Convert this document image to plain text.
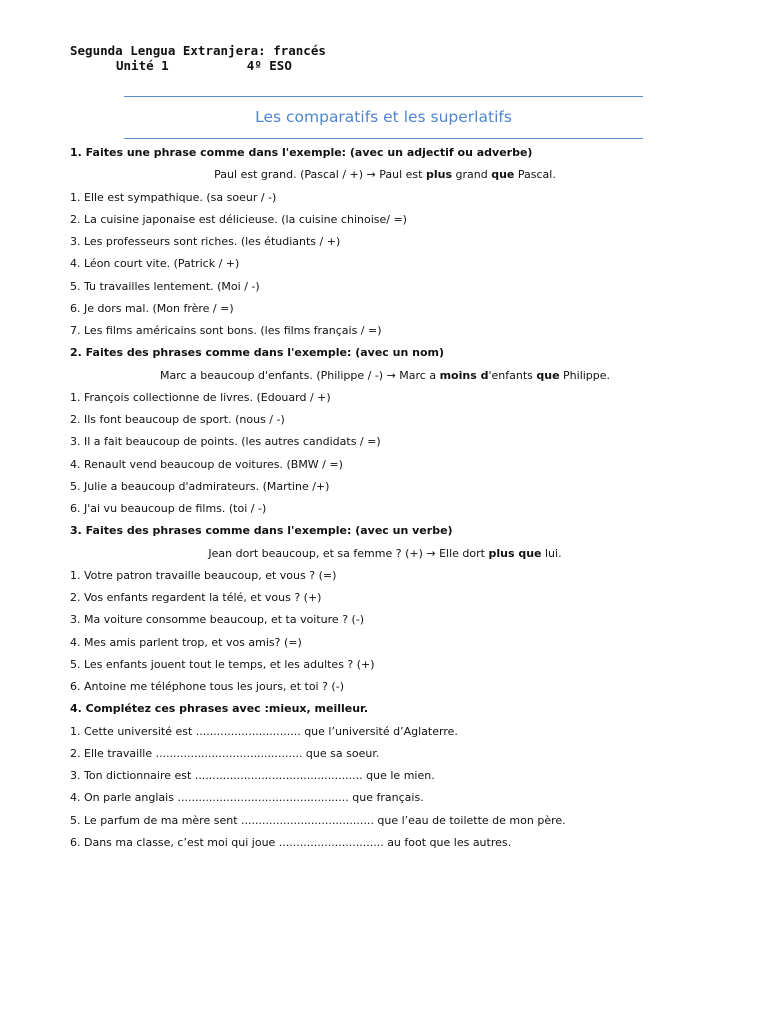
Segunda Lengua Extranjera: francés
Unité 1	4º ESO
Les comparatifs et les superlatifs
1. Faites une phrase comme dans l'exemple: (avec un adjectif ou adverbe)
Paul est grand. (Pascal / +) → Paul est plus grand que Pascal.
1. Elle est sympathique. (sa soeur / -)
2. La cuisine japonaise est délicieuse. (la cuisine chinoise/ =)
3. Les professeurs sont riches. (les étudiants / +)
4. Léon court vite. (Patrick / +)
5. Tu travailles lentement. (Moi / -)
6. Je dors mal. (Mon frère / =)
7. Les films américains sont bons. (les films français / =)
2. Faites des phrases comme dans l'exemple: (avec un nom)
Marc a beaucoup d'enfants. (Philippe / -) → Marc a moins d'enfants que Philippe.
1. François collectionne de livres. (Edouard / +)
2. Ils font beaucoup de sport. (nous / -)
3. Il a fait beaucoup de points. (les autres candidats / =)
4. Renault vend beaucoup de voitures. (BMW / =)
5. Julie a beaucoup d'admirateurs. (Martine /+)
6. J'ai vu beaucoup de films. (toi / -)
3. Faites des phrases comme dans l'exemple: (avec un verbe)
Jean dort beaucoup, et sa femme ? (+) → Elle dort plus que lui.
1. Votre patron travaille beaucoup, et vous ? (=)
2. Vos enfants regardent la télé, et vous ? (+)
3. Ma voiture consomme beaucoup, et ta voiture ? (-)
4. Mes amis parlent trop, et vos amis? (=)
5. Les enfants jouent tout le temps, et les adultes ? (+)
6. Antoine me téléphone tous les jours, et toi ? (-)
4. Complétez ces phrases avec :mieux, meilleur.
1. Cette université est .............................. que l’université d’Aglaterre.
2. Elle travaille .......................................... que sa soeur.
3. Ton dictionnaire est ................................................ que le mien.
4. On parle anglais ................................................. que français.
5. Le parfum de ma mère sent ...................................... que l’eau de toilette de mon père.
6. Dans ma classe, c’est moi qui joue .............................. au foot que les autres.
